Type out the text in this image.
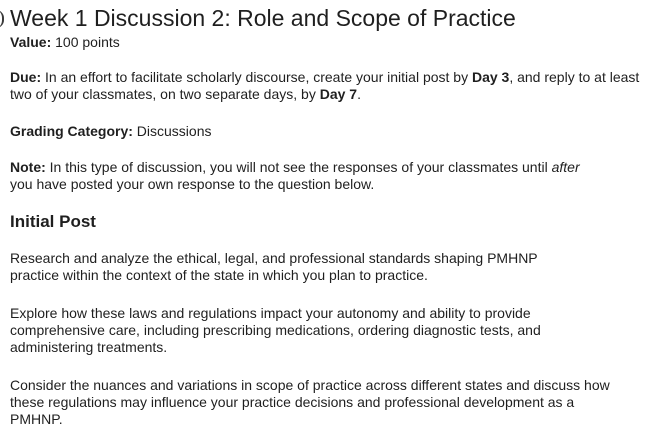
Week 1 Discussion 2: Role and Scope of Practice

Value: 100 points

Due: In an effort to facilitate scholarly discourse, create your initial post by Day 3, and reply to at least two of your classmates, on two separate days, by Day 7.

Grading Category: Discussions

Note: In this type of discussion, you will not see the responses of your classmates until after you have posted your own response to the question below.

Initial Post

Research and analyze the ethical, legal, and professional standards shaping PMHNP practice within the context of the state in which you plan to practice.

Explore how these laws and regulations impact your autonomy and ability to provide comprehensive care, including prescribing medications, ordering diagnostic tests, and administering treatments.

Consider the nuances and variations in scope of practice across different states and discuss how these regulations may influence your practice decisions and professional development as a PMHNP.
